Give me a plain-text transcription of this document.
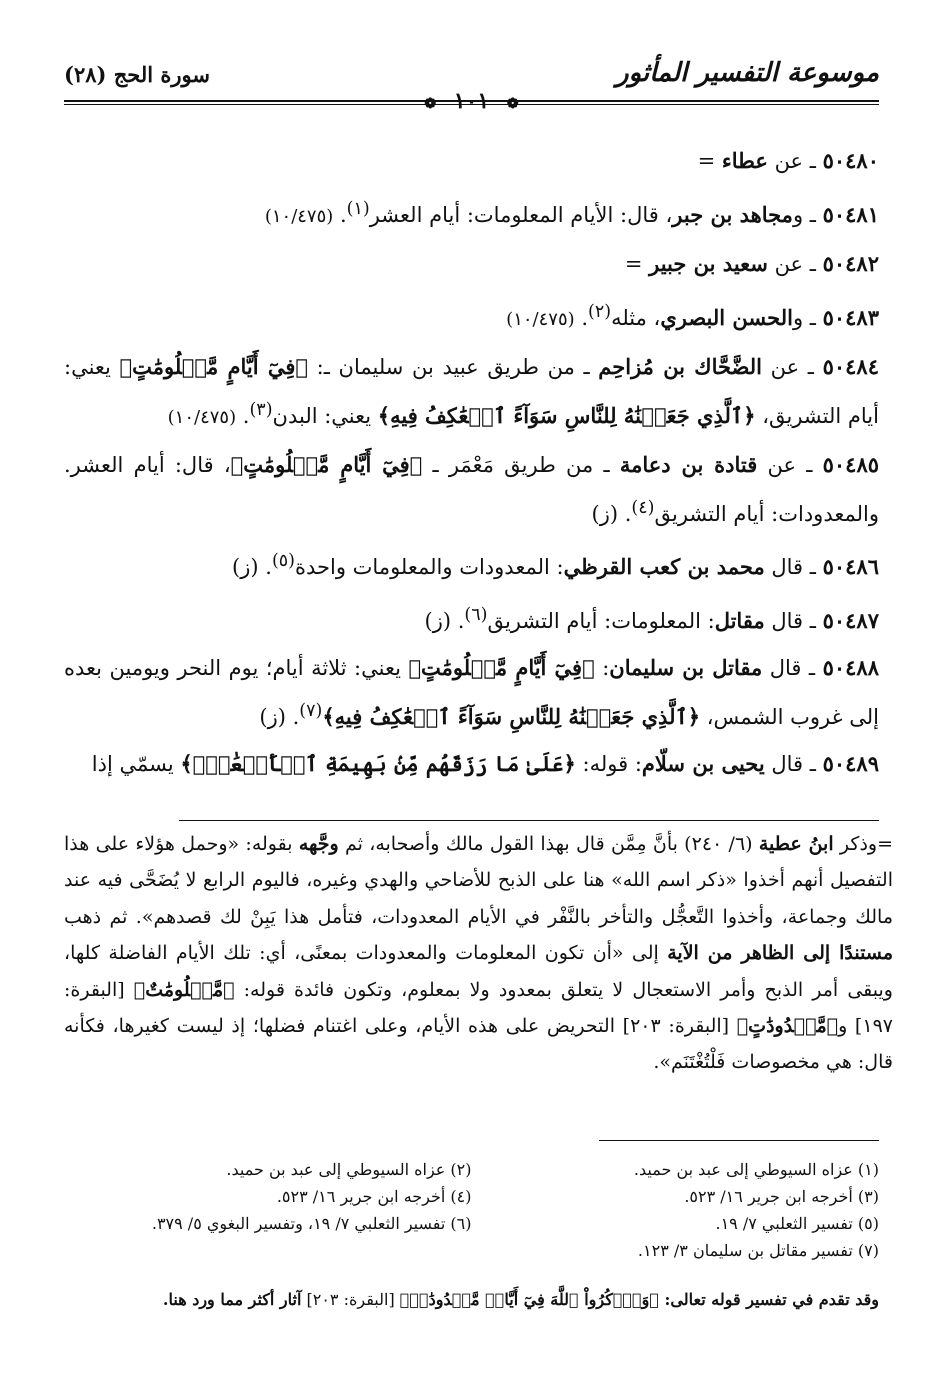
موسوعة التفسير المأثور
❁ ١٠١ ❁
سورة الحج (٢٨)
٥٠٤٨٠ ـ عن عطاء =
٥٠٤٨١ ـ ومجاهد بن جبر، قال: الأيام المعلومات: أيام العشر$^{(١)}$. (١٠/٤٧٥)
٥٠٤٨٢ ـ عن سعيد بن جبير =
٥٠٤٨٣ ـ والحسن البصري، مثله$^{(٢)}$. (١٠/٤٧٥)
٥٠٤٨٤ ـ عن الضَّحَّاك بن مُزاحِم ـ من طريق عبيد بن سليمان ـ: ﴿فِيٓ أَيَّامٍ مَّعۡلُومَٰتٍ﴾ يعني: أيام التشريق، ﴿ٱلَّذِي جَعَلۡنَٰهُ لِلنَّاسِ سَوَآءً ٱلۡعَٰكِفُ فِيهِ﴾ يعني: البدن$^{(٣)}$. (١٠/٤٧٥)
٥٠٤٨٥ ـ عن قتادة بن دعامة ـ من طريق مَعْمَر ـ ﴿فِيٓ أَيَّامٍ مَّعۡلُومَٰتٍ﴾، قال: أيام العشر. والمعدودات: أيام التشريق$^{(٤)}$. (ز)
٥٠٤٨٦ ـ قال محمد بن كعب القرظي: المعدودات والمعلومات واحدة$^{(٥)}$. (ز)
٥٠٤٨٧ ـ قال مقاتل: المعلومات: أيام التشريق$^{(٦)}$. (ز)
٥٠٤٨٨ ـ قال مقاتل بن سليمان: ﴿فِيٓ أَيَّامٍ مَّعۡلُومَٰتٍ﴾ يعني: ثلاثة أيام؛ يوم النحر ويومين بعده إلى غروب الشمس، ﴿ٱلَّذِي جَعَلۡنَٰهُ لِلنَّاسِ سَوَآءً ٱلۡعَٰكِفُ فِيهِ﴾$^{(٧)}$. (ز)
٥٠٤٨٩ ـ قال يحيى بن سلّام: قوله: ﴿عَلَىٰ مَا رَزَقَهُم مِّنۢ بَهِيمَةِ ٱلۡأَنۡعَٰمِۖ﴾ يسمّي إذا
=وذكر ابنُ عطية (٦/ ٢٤٠) بأنَّ مِمَّن قال بهذا القول مالك وأصحابه، ثم وجَّهه بقوله: «وحمل هؤلاء على هذا التفصيل أنهم أخذوا «ذكر اسم الله» هنا على الذبح للأضاحي والهدي وغيره، فاليوم الرابع لا يُضَحَّى فيه عند مالك وجماعة، وأخذوا التَّعجُّل والتأخر بالنَّفْر في الأيام المعدودات، فتأمل هذا يَبِنْ لك قصدهم». ثم ذهب مستندًا إلى الظاهر من الآية إلى «أن تكون المعلومات والمعدودات بمعنًى، أي: تلك الأيام الفاضلة كلها، ويبقى أمر الذبح وأمر الاستعجال لا يتعلق بمعدود ولا بمعلوم، وتكون فائدة قوله: ﴿مَّعۡلُومَٰتٌ﴾ [البقرة: ١٩٧] و﴿مَّعۡدُودَٰتٍ﴾ [البقرة: ٢٠٣] التحريض على هذه الأيام، وعلى اغتنام فضلها؛ إذ ليست كغيرها، فكأنه قال: هي مخصوصات فَلْتُغْتَنَم».
(١) عزاه السيوطي إلى عبد بن حميد.
(٢) عزاه السيوطي إلى عبد بن حميد.
(٣) أخرجه ابن جرير ١٦/ ٥٢٣.
(٤) أخرجه ابن جرير ١٦/ ٥٢٣.
(٥) تفسير الثعلبي ٧/ ١٩.
(٦) تفسير الثعلبي ٧/ ١٩، وتفسير البغوي ٥/ ٣٧٩.
(٧) تفسير مقاتل بن سليمان ٣/ ١٢٣.
وقد تقدم في تفسير قوله تعالى: ﴿وَٱذۡكُرُواْ ٱللَّهَ فِيٓ أَيَّامٖ مَّعۡدُودَٰتٖ﴾ [البقرة: ٢٠٣] آثار أكثر مما ورد هنا.
